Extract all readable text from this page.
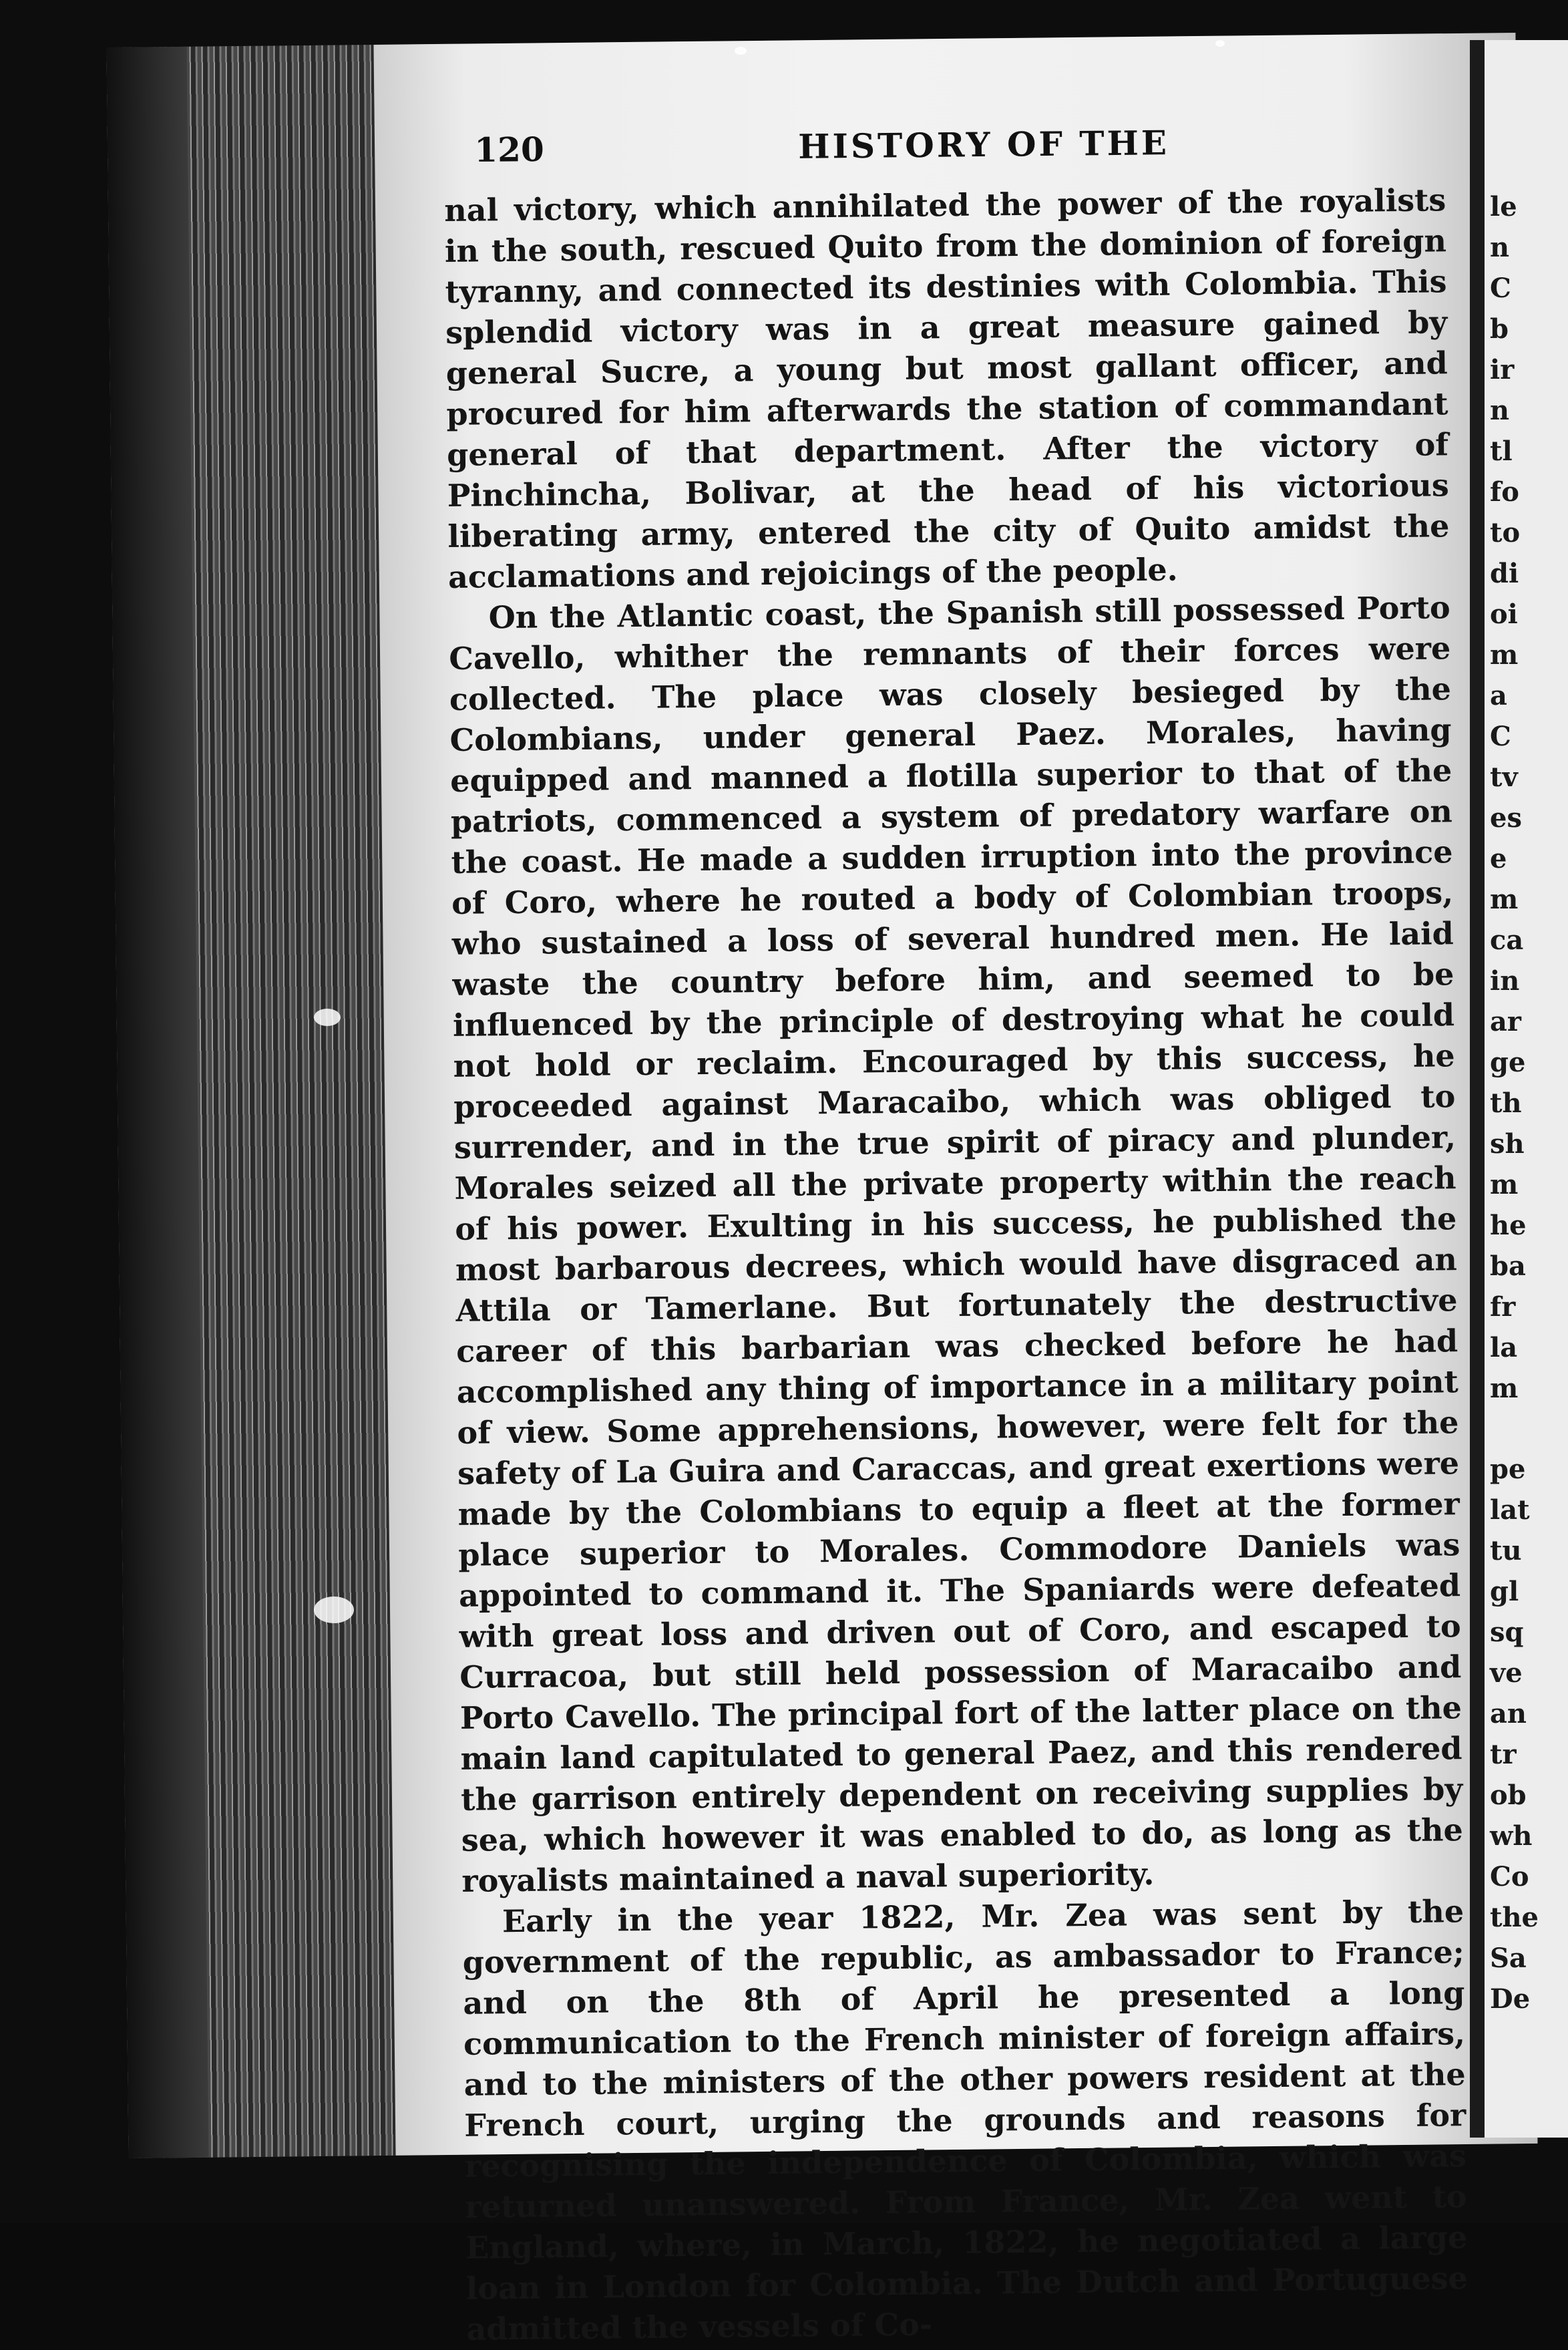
le
n
C
b
ir
n
tl
fo
to
di
oi
m
a
C
tv
es
e
m
ca
in
ar
ge
th
sh
m
he
ba
fr
la
m
pe
lat
tu
gl
sq
ve
an
tr
ob
wh
Co
the
Sa
De
120	HISTORY OF THE

nal victory, which annihilated the power of the royalists in the south, rescued Quito from the dominion of foreign tyranny, and connected its destinies with Colombia. This splendid victory was in a great measure gained by general Sucre, a young but most gallant officer, and procured for him afterwards the station of commandant general of that department. After the victory of Pinchincha, Bolivar, at the head of his victorious liberating army, entered the city of Quito amidst the acclamations and rejoicings of the people.

On the Atlantic coast, the Spanish still possessed Porto Cavello, whither the remnants of their forces were collected. The place was closely besieged by the Colombians, under general Paez. Morales, having equipped and manned a flotilla superior to that of the patriots, commenced a system of predatory warfare on the coast. He made a sudden irruption into the province of Coro, where he routed a body of Colombian troops, who sustained a loss of several hundred men. He laid waste the country before him, and seemed to be influenced by the principle of destroying what he could not hold or reclaim. Encouraged by this success, he proceeded against Maracaibo, which was obliged to surrender, and in the true spirit of piracy and plunder, Morales seized all the private property within the reach of his power. Exulting in his success, he published the most barbarous decrees, which would have disgraced an Attila or Tamerlane. But fortunately the destructive career of this barbarian was checked before he had accomplished any thing of importance in a military point of view. Some apprehensions, however, were felt for the safety of La Guira and Caraccas, and great exertions were made by the Colombians to equip a fleet at the former place superior to Morales. Commodore Daniels was appointed to command it. The Spaniards were defeated with great loss and driven out of Coro, and escaped to Curracoa, but still held possession of Maracaibo and Porto Cavello. The principal fort of the latter place on the main land capitulated to general Paez, and this rendered the garrison entirely dependent on receiving supplies by sea, which however it was enabled to do, as long as the royalists maintained a naval superiority.

Early in the year 1822, Mr. Zea was sent by the government of the republic, as ambassador to France; and on the 8th of April he presented a long communication to the French minister of foreign affairs, and to the ministers of the other powers resident at the French court, urging the grounds and reasons for recognising the independence of Colombia, which was returned unanswered. From France, Mr. Zea went to England, where, in March, 1822, he negotiated a large loan in London for Colombia. The Dutch and Portuguese admitted the vessels of Co-
